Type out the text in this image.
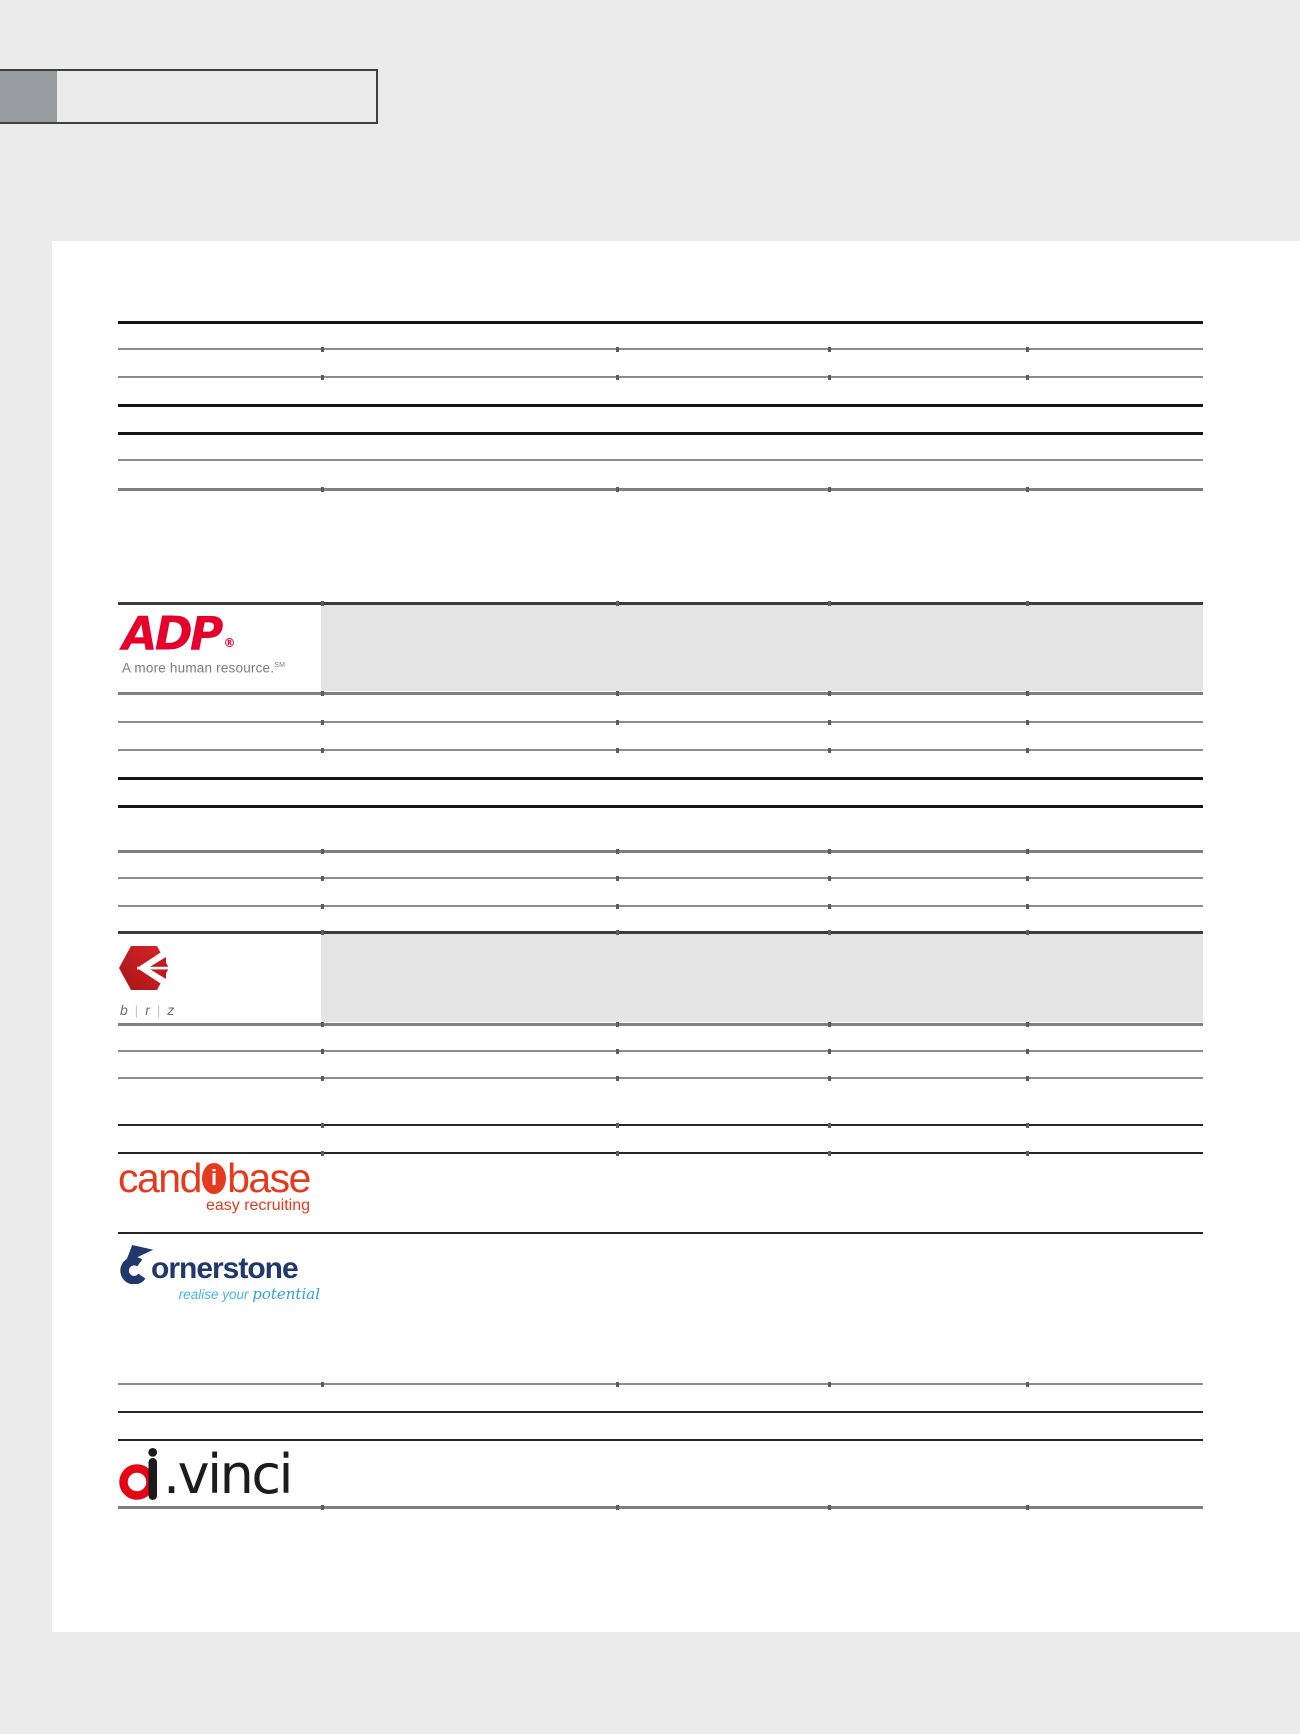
ADP ®
A more human resource.℠
b | r | z
cand i base
easy recruiting
ornerstone
realise your potential
.vinci
